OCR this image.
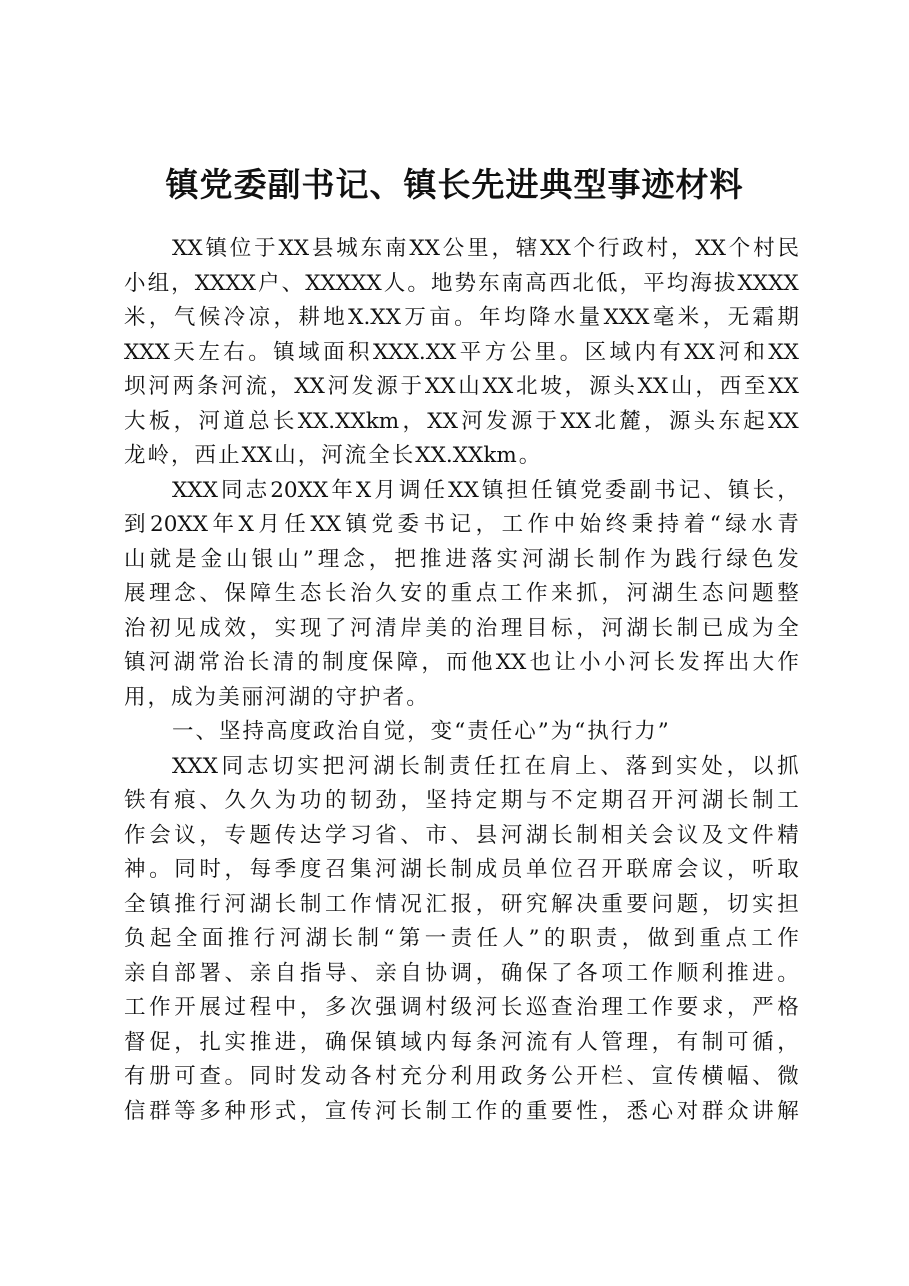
镇党委副书记、镇长先进典型事迹材料
XX 镇 位 于 XX 县 城 东 南 XX 公 里 ， 辖 XX 个 行 政 村 ， XX 个 村 民
小 组 ， XXXX 户 、 XXXXX 人 。 地 势 东 南 高 西 北 低 ， 平 均 海 拔 XXXX
米 ， 气 候 冷 凉 ， 耕 地 X.XX 万 亩 。 年 均 降 水 量 XXX 毫 米 ， 无 霜 期
XXX 天 左 右 。 镇 域 面 积 XXX.XX 平 方 公 里 。 区 域 内 有 XX 河 和 XX
坝 河 两 条 河 流 ， XX 河 发 源 于 XX 山 XX 北 坡 ， 源 头 XX 山 ， 西 至 XX
大 板 ， 河 道 总 长 XX.XXkm ， XX 河 发 源 于 XX 北 麓 ， 源 头 东 起 XX
龙 岭 ， 西 止 XX 山 ， 河 流 全 长 XX.XXkm 。
XXX 同 志 20XX 年 X 月 调 任 XX 镇 担 任 镇 党 委 副 书 记 、 镇 长 ，
到 20XX 年 X 月 任 XX 镇 党 委 书 记 ， 工 作 中 始 终 秉 持 着 “ 绿 水 青
山 就 是 金 山 银 山 ” 理 念 ， 把 推 进 落 实 河 湖 长 制 作 为 践 行 绿 色 发
展 理 念 、 保 障 生 态 长 治 久 安 的 重 点 工 作 来 抓 ， 河 湖 生 态 问 题 整
治 初 见 成 效 ， 实 现 了 河 清 岸 美 的 治 理 目 标 ， 河 湖 长 制 已 成 为 全
镇 河 湖 常 治 长 清 的 制 度 保 障 ， 而 他 XX 也 让 小 小 河 长 发 挥 出 大 作
用 ， 成 为 美 丽 河 湖 的 守 护 者 。
一 、 坚 持 高 度 政 治 自 觉 ， 变 “ 责 任 心 ” 为 “ 执 行 力 ”
XXX 同 志 切 实 把 河 湖 长 制 责 任 扛 在 肩 上 、 落 到 实 处 ， 以 抓
铁 有 痕 、 久 久 为 功 的 韧 劲 ， 坚 持 定 期 与 不 定 期 召 开 河 湖 长 制 工
作 会 议 ， 专 题 传 达 学 习 省 、 市 、 县 河 湖 长 制 相 关 会 议 及 文 件 精
神 。 同 时 ， 每 季 度 召 集 河 湖 长 制 成 员 单 位 召 开 联 席 会 议 ， 听 取
全 镇 推 行 河 湖 长 制 工 作 情 况 汇 报 ， 研 究 解 决 重 要 问 题 ， 切 实 担
负 起 全 面 推 行 河 湖 长 制 “ 第 一 责 任 人 ” 的 职 责 ， 做 到 重 点 工 作
亲 自 部 署 、 亲 自 指 导 、 亲 自 协 调 ， 确 保 了 各 项 工 作 顺 利 推 进 。
工 作 开 展 过 程 中 ， 多 次 强 调 村 级 河 长 巡 查 治 理 工 作 要 求 ， 严 格
督 促 ， 扎 实 推 进 ， 确 保 镇 域 内 每 条 河 流 有 人 管 理 ， 有 制 可 循 ，
有 册 可 查 。 同 时 发 动 各 村 充 分 利 用 政 务 公 开 栏 、 宣 传 横 幅 、 微
信 群 等 多 种 形 式 ， 宣 传 河 长 制 工 作 的 重 要 性 ， 悉 心 对 群 众 讲 解
